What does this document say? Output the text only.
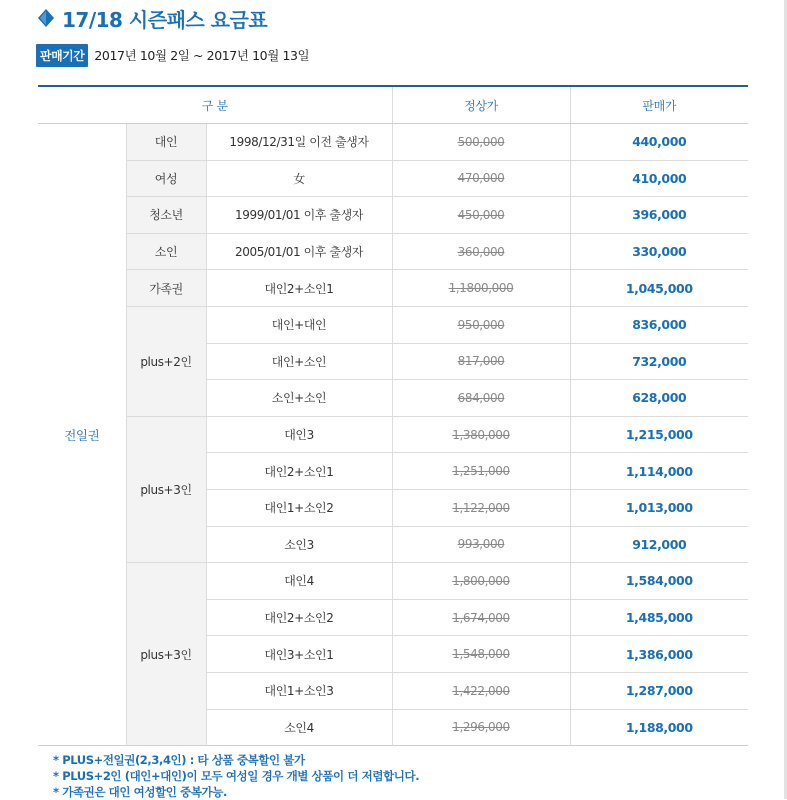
17/18 시즌패스 요금표
판매기간 2017년 10월 2일 ~ 2017년 10월 13일
구 분			정상가	판매가
전일권	대인	1998/12/31일 이전 출생자	500,000	440,000
	여성	女	470,000	410,000
	청소년	1999/01/01 이후 출생자	450,000	396,000
	소인	2005/01/01 이후 출생자	360,000	330,000
	가족권	대인2+소인1	1,1800,000	1,045,000
	plus+2인	대인+대인	950,000	836,000
		대인+소인	817,000	732,000
		소인+소인	684,000	628,000
	plus+3인	대인3	1,380,000	1,215,000
		대인2+소인1	1,251,000	1,114,000
		대인1+소인2	1,122,000	1,013,000
		소인3	993,000	912,000
	plus+3인	대인4	1,800,000	1,584,000
		대인2+소인2	1,674,000	1,485,000
		대인3+소인1	1,548,000	1,386,000
		대인1+소인3	1,422,000	1,287,000
		소인4	1,296,000	1,188,000
* PLUS+전일권(2,3,4인) : 타 상품 중복할인 불가
* PLUS+2인 (대인+대인)이 모두 여성일 경우 개별 상품이 더 저렴합니다.
* 가족권은 대인 여성할인 중복가능.
